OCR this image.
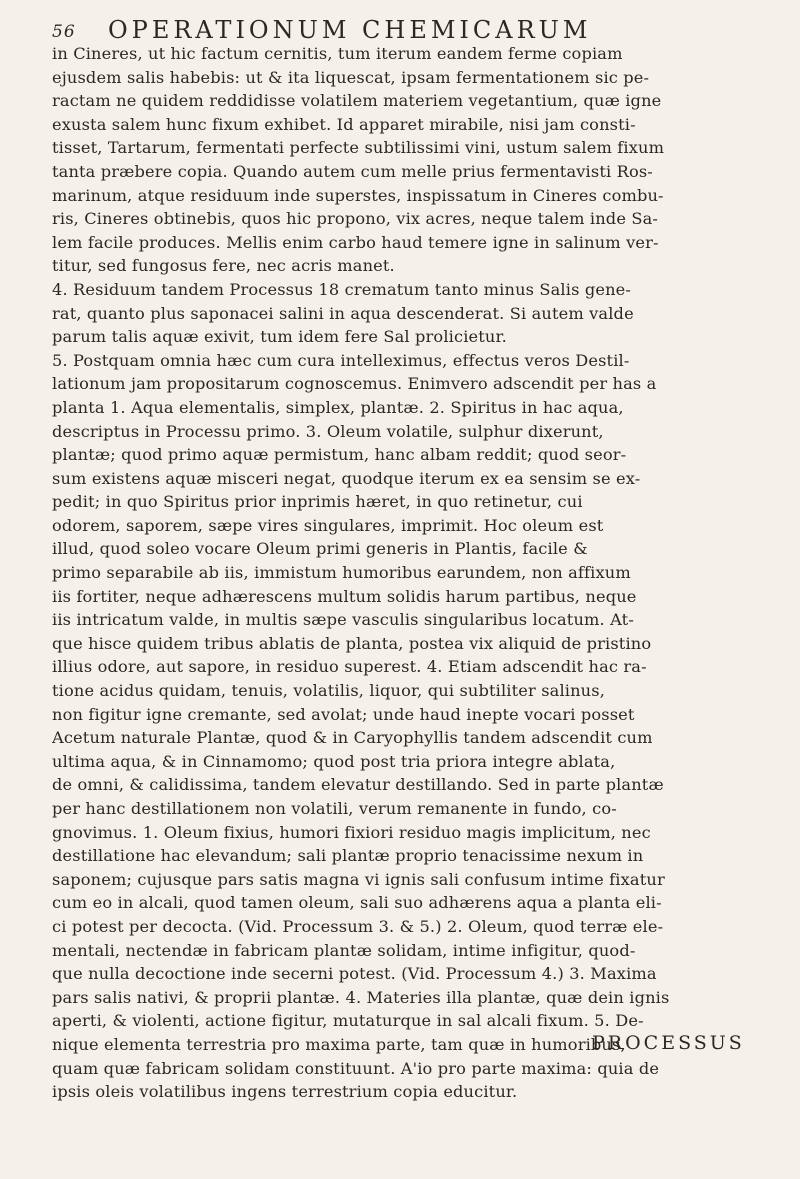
56 OPERATIONUM CHEMICARUM
in Cineres, ut hic factum cernitis, tum iterum eandem ferme copiam
ejusdem salis habebis: ut & ita liquescat, ipsam fermentationem sic pe-
ractam ne quidem reddidisse volatilem materiem vegetantium, quæ igne
exusta salem hunc fixum exhibet. Id apparet mirabile, nisi jam consti-
tisset, Tartarum, fermentati perfecte subtilissimi vini, ustum salem fixum
tanta præbere copia. Quando autem cum melle prius fermentavisti Ros-
marinum, atque residuum inde superstes, inspissatum in Cineres combu-
ris, Cineres obtinebis, quos hic propono, vix acres, neque talem inde Sa-
lem facile produces. Mellis enim carbo haud temere igne in salinum ver-
titur, sed fungosus fere, nec acris manet.
4. Residuum tandem Processus 18 crematum tanto minus Salis gene-
rat, quanto plus saponacei salini in aqua descenderat. Si autem valde
parum talis aquæ exivit, tum idem fere Sal prolicietur.
5. Postquam omnia hæc cum cura intelleximus, effectus veros Destil-
lationum jam propositarum cognoscemus. Enimvero adscendit per has a
planta 1. Aqua elementalis, simplex, plantæ. 2. Spiritus in hac aqua,
descriptus in Processu primo. 3. Oleum volatile, sulphur dixerunt,
plantæ; quod primo aquæ permistum, hanc albam reddit; quod seor-
sum existens aquæ misceri negat, quodque iterum ex ea sensim se ex-
pedit; in quo Spiritus prior inprimis hæret, in quo retinetur, cui
odorem, saporem, sæpe vires singulares, imprimit. Hoc oleum est
illud, quod soleo vocare Oleum primi generis in Plantis, facile &
primo separabile ab iis, immistum humoribus earundem, non affixum
iis fortiter, neque adhærescens multum solidis harum partibus, neque
iis intricatum valde, in multis sæpe vasculis singularibus locatum. At-
que hisce quidem tribus ablatis de planta, postea vix aliquid de pristino
illius odore, aut sapore, in residuo superest. 4. Etiam adscendit hac ra-
tione acidus quidam, tenuis, volatilis, liquor, qui subtiliter salinus,
non figitur igne cremante, sed avolat; unde haud inepte vocari posset
Acetum naturale Plantæ, quod & in Caryophyllis tandem adscendit cum
ultima aqua, & in Cinnamomo; quod post tria priora integre ablata,
de omni, & calidissima, tandem elevatur destillando. Sed in parte plantæ
per hanc destillationem non volatili, verum remanente in fundo, co-
gnovimus. 1. Oleum fixius, humori fixiori residuo magis implicitum, nec
destillatione hac elevandum; sali plantæ proprio tenacissime nexum in
saponem; cujusque pars satis magna vi ignis sali confusum intime fixatur
cum eo in alcali, quod tamen oleum, sali suo adhærens aqua a planta eli-
ci potest per decocta. (Vid. Processum 3. & 5.) 2. Oleum, quod terræ ele-
mentali, nectendæ in fabricam plantæ solidam, intime infigitur, quod-
que nulla decoctione inde secerni potest. (Vid. Processum 4.) 3. Maxima
pars salis nativi, & proprii plantæ. 4. Materies illa plantæ, quæ dein ignis
aperti, & violenti, actione figitur, mutaturque in sal alcali fixum. 5. De-
nique elementa terrestria pro maxima parte, tam quæ in humoribus,
quam quæ fabricam solidam constituunt. A'io pro parte maxima: quia de
ipsis oleis volatilibus ingens terrestrium copia educitur.
PROCESSUS
